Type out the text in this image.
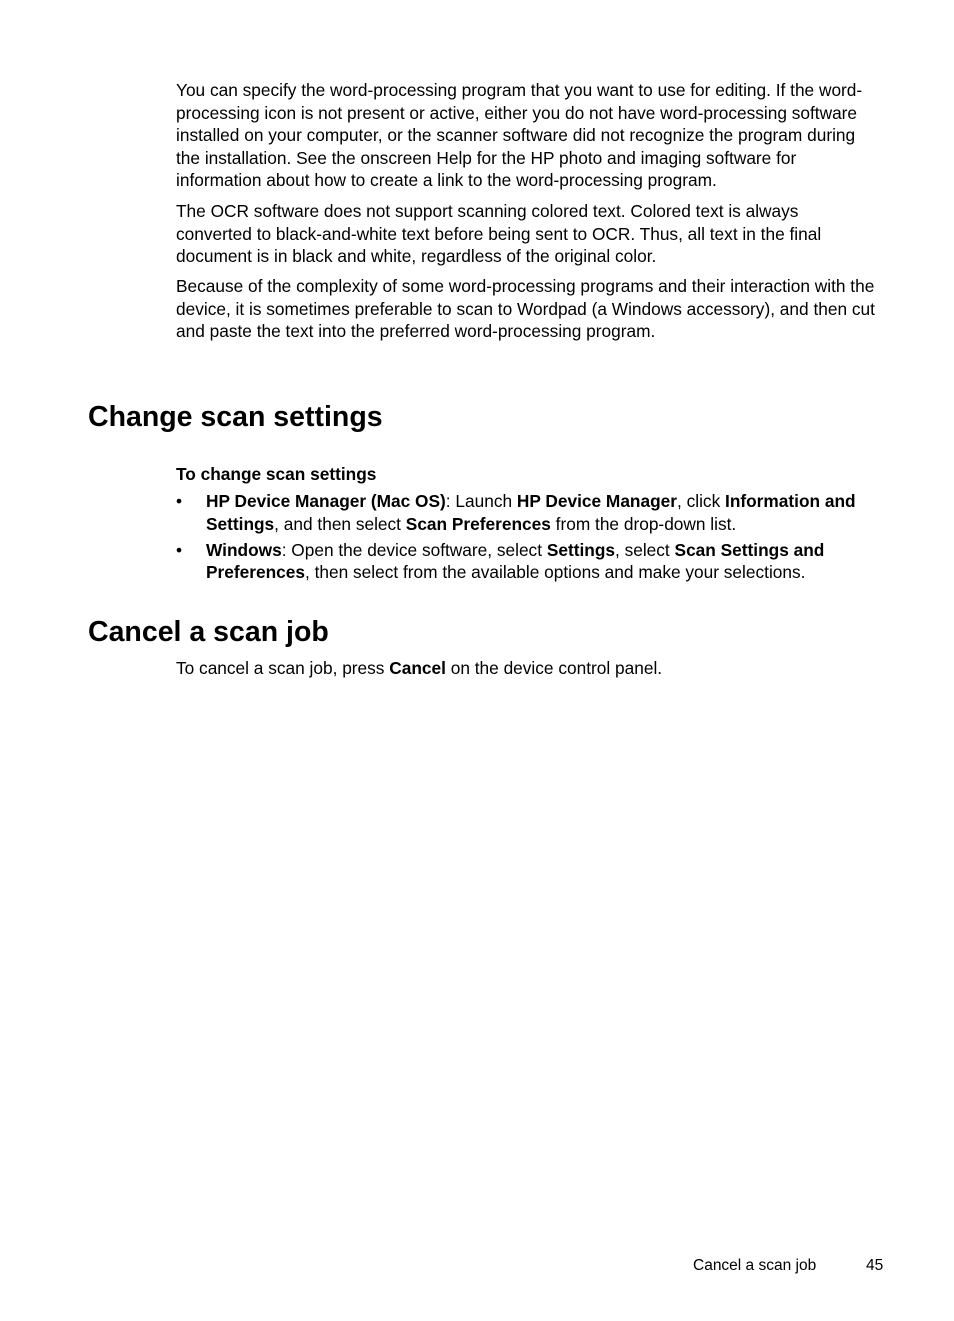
You can specify the word-processing program that you want to use for editing. If the word-processing icon is not present or active, either you do not have word-processing software installed on your computer, or the scanner software did not recognize the program during the installation. See the onscreen Help for the HP photo and imaging software for information about how to create a link to the word-processing program.

The OCR software does not support scanning colored text. Colored text is always converted to black-and-white text before being sent to OCR. Thus, all text in the final document is in black and white, regardless of the original color.

Because of the complexity of some word-processing programs and their interaction with the device, it is sometimes preferable to scan to Wordpad (a Windows accessory), and then cut and paste the text into the preferred word-processing program.

Change scan settings

To change scan settings

• HP Device Manager (Mac OS): Launch HP Device Manager, click Information and Settings, and then select Scan Preferences from the drop-down list.
• Windows: Open the device software, select Settings, select Scan Settings and Preferences, then select from the available options and make your selections.
Cancel a scan job

To cancel a scan job, press Cancel on the device control panel.

Cancel a scan job	45
